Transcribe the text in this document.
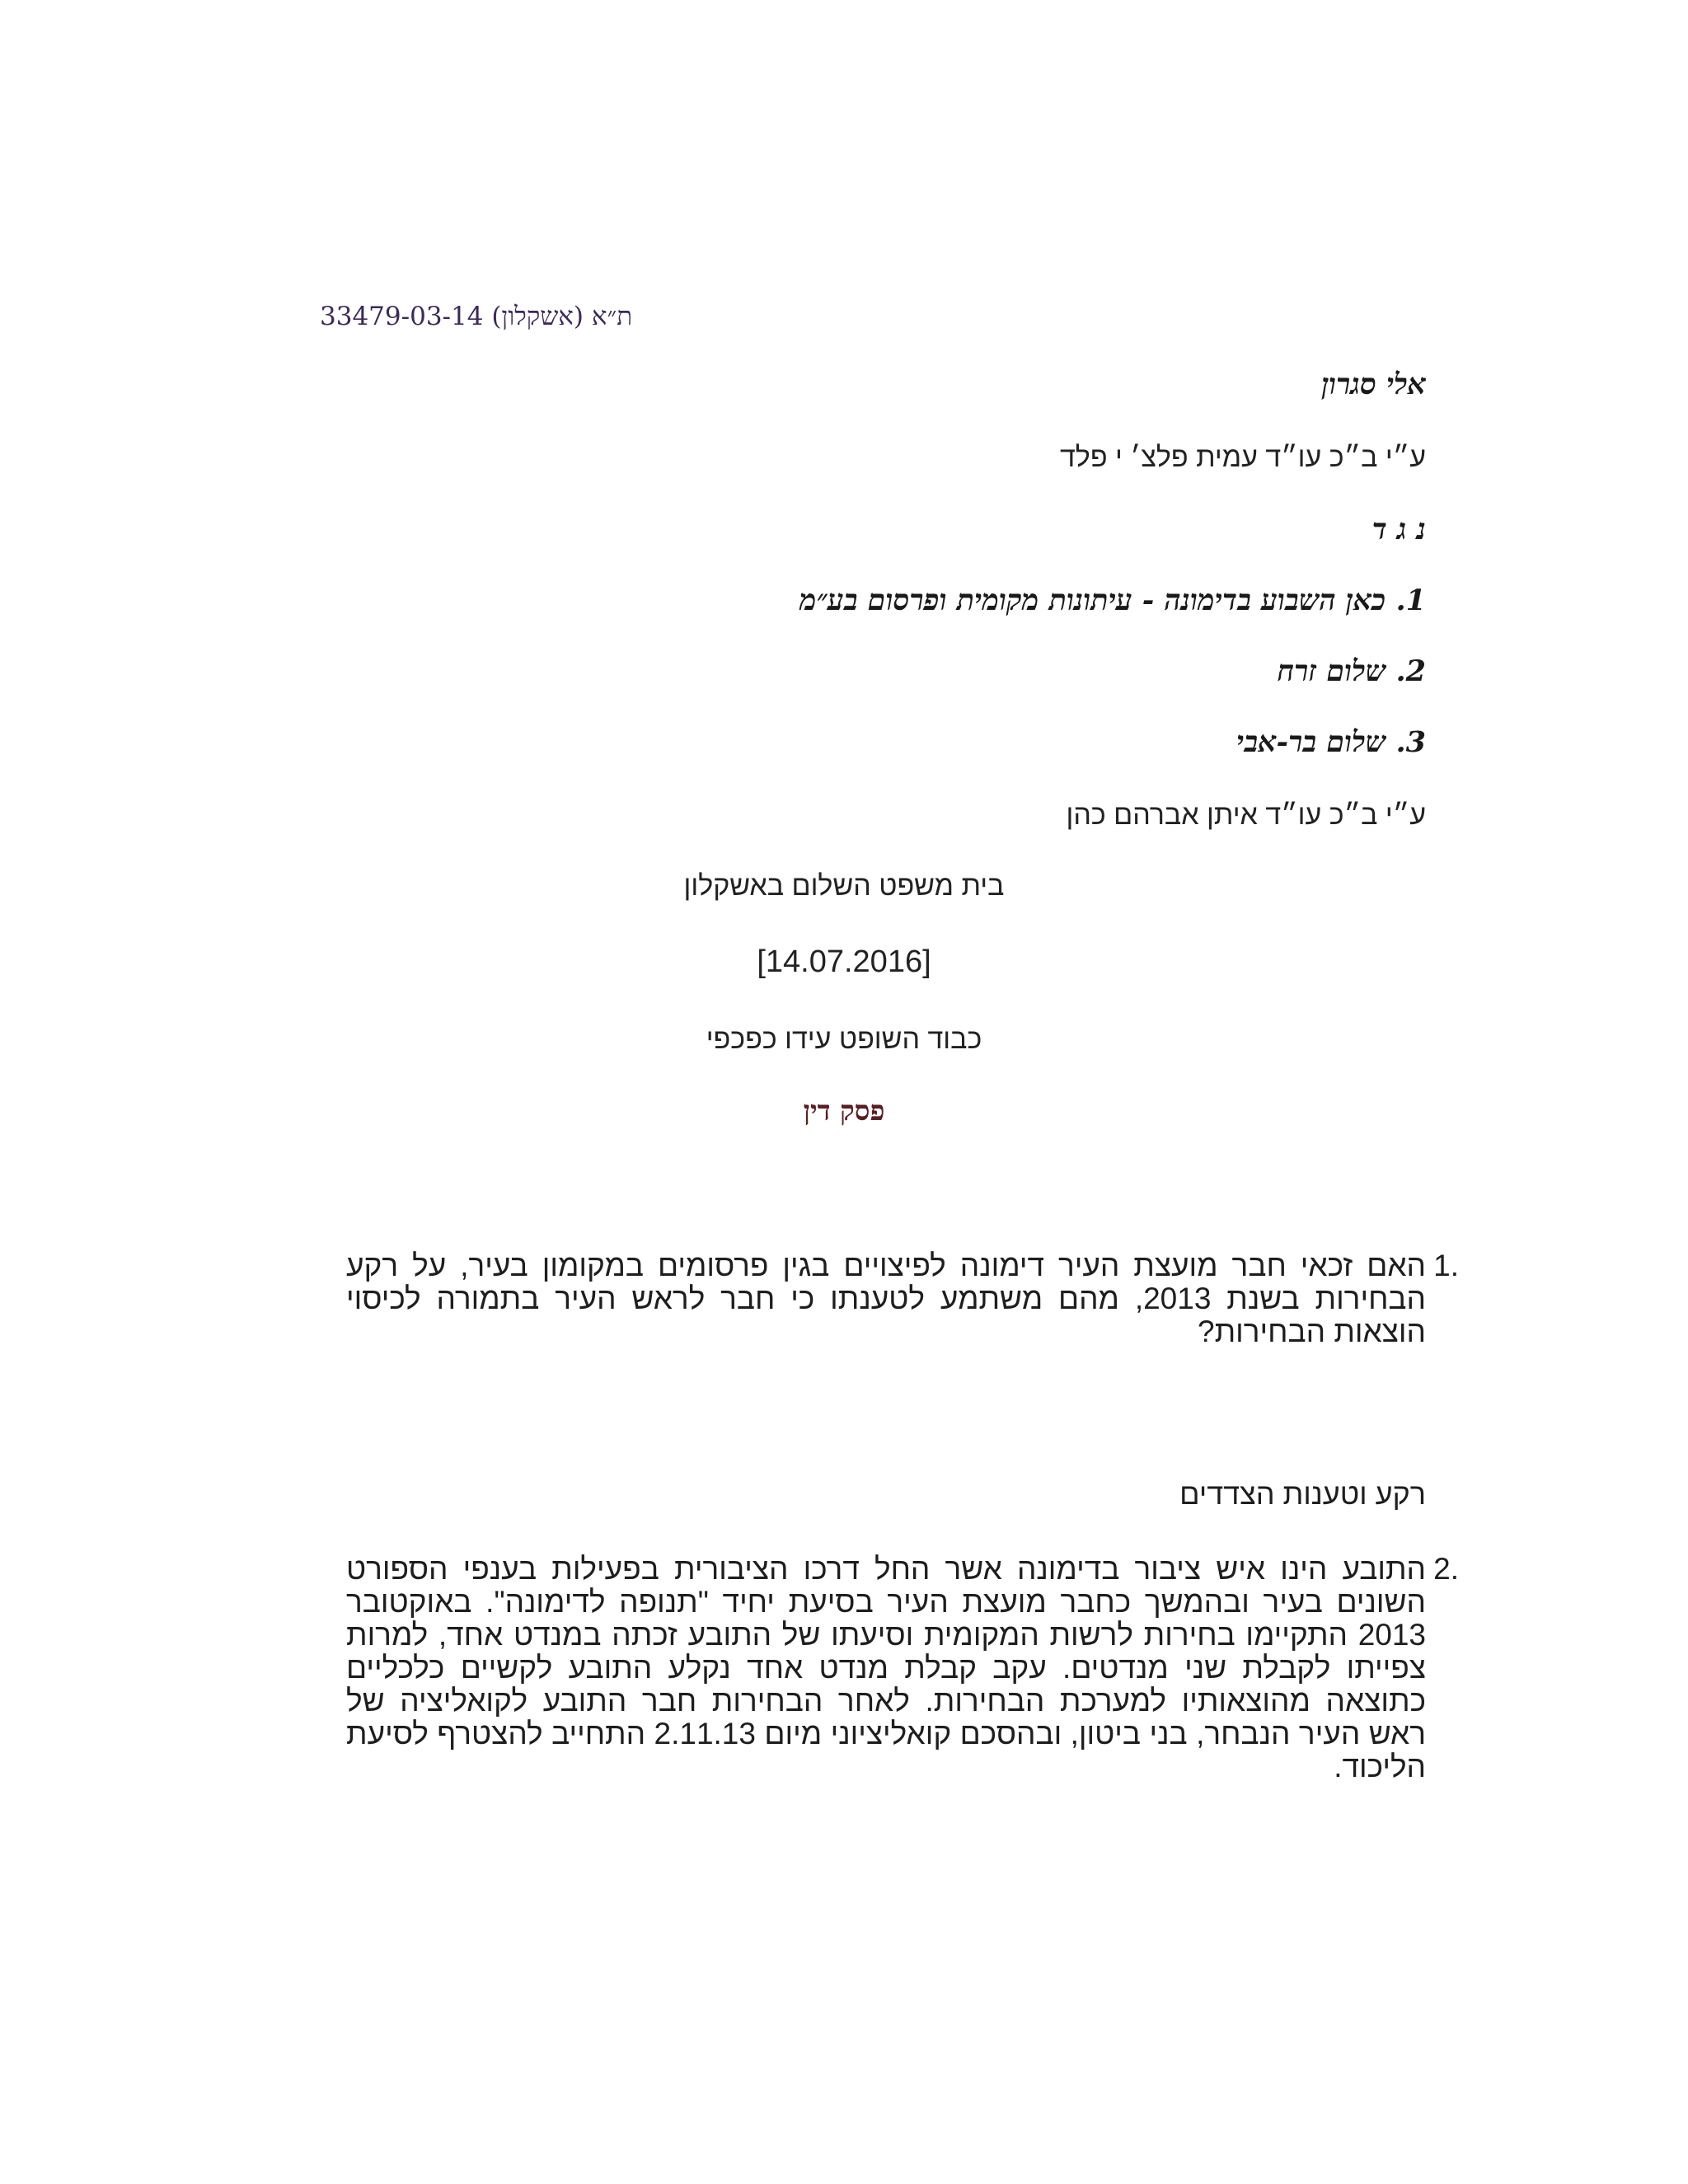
ת״א (אשקלון) 33479-03-14
אלי סגרון
ע״י ב״כ עו״ד עמית פלצ׳ י פלד
נ ג ד
1. כאן השבוע בדימונה - עיתונות מקומית ופרסום בע״מ
2. שלום זרח
3. שלום בר-אבי
ע״י ב״כ עו״ד איתן אברהם כהן
בית משפט השלום באשקלון
[14.07.2016]
כבוד השופט עידו כפכפי
פסק דין
1.
האם זכאי חבר מועצת העיר דימונה לפיצויים בגין פרסומים במקומון בעיר, על רקע הבחירות בשנת 2013, מהם משתמע לטענתו כי חבר לראש העיר בתמורה לכיסוי הוצאות הבחירות?
רקע וטענות הצדדים
2.
התובע הינו איש ציבור בדימונה אשר החל דרכו הציבורית בפעילות בענפי הספורט השונים בעיר ובהמשך כחבר מועצת העיר בסיעת יחיד "תנופה לדימונה". באוקטובר 2013 התקיימו בחירות לרשות המקומית וסיעתו של התובע זכתה במנדט אחד, למרות צפייתו לקבלת שני מנדטים. עקב קבלת מנדט אחד נקלע התובע לקשיים כלכליים כתוצאה מהוצאותיו למערכת הבחירות. לאחר הבחירות חבר התובע לקואליציה של ראש העיר הנבחר, בני ביטון, ובהסכם קואליציוני מיום 2.11.13 התחייב להצטרף לסיעת הליכוד.
